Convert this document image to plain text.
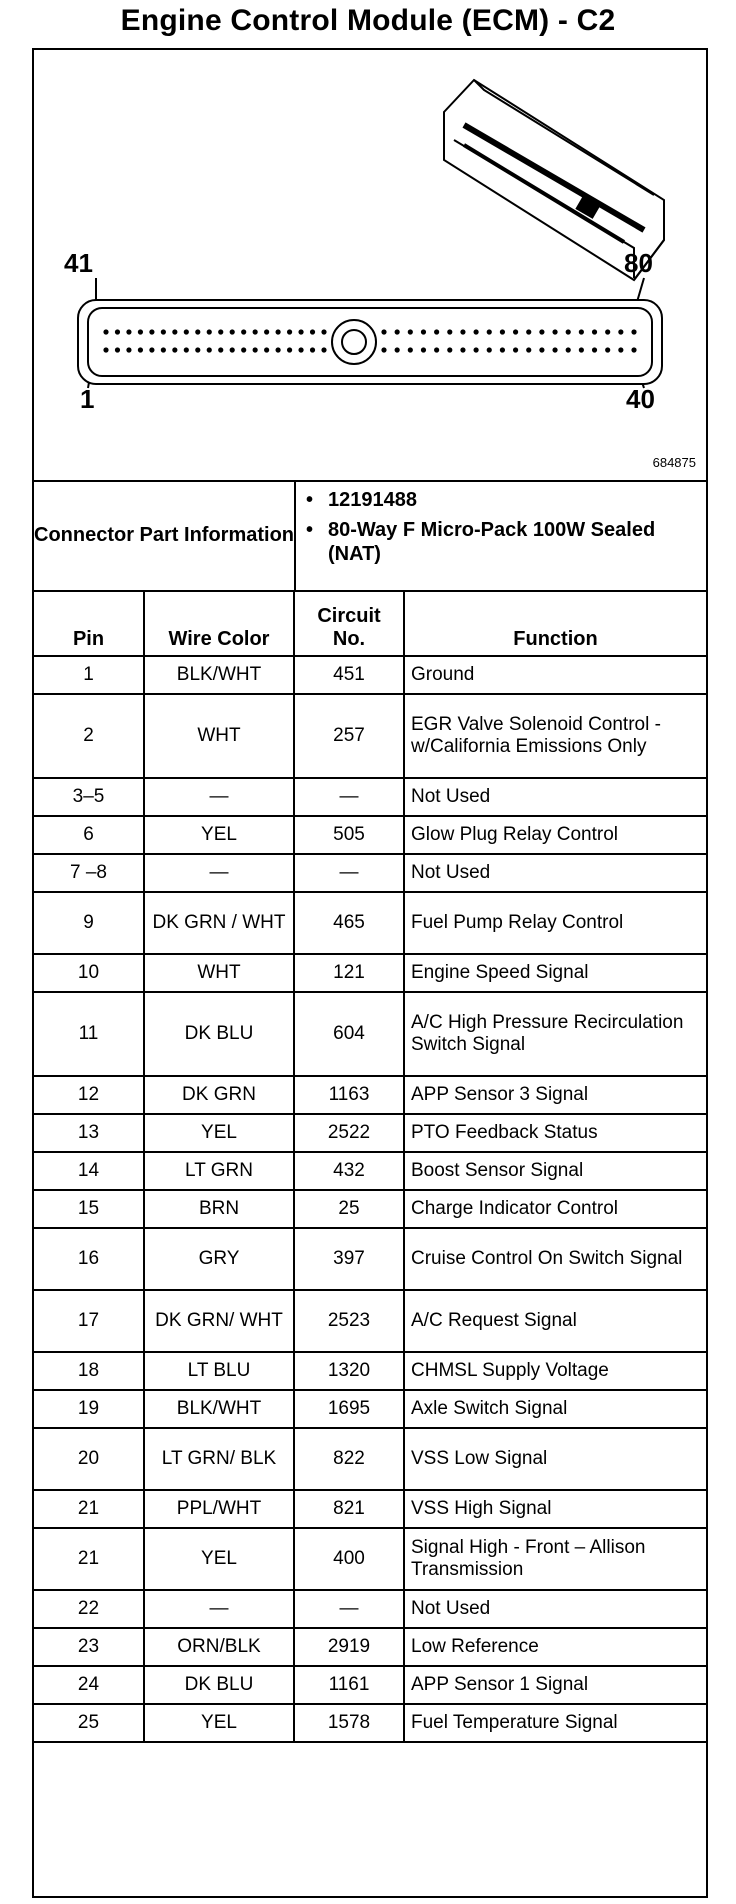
Engine Control Module (ECM) - C2
41	80
1	40
684875
Connector Part Information
• 12191488
• 80-Way F Micro-Pack 100W Sealed (NAT)
Pin	Wire Color	Circuit No.	Function
1	BLK/WHT	451	Ground
2	WHT	257	EGR Valve Solenoid Control - w/California Emissions Only
3–5	—	—	Not Used
6	YEL	505	Glow Plug Relay Control
7 –8	—	—	Not Used
9	DK GRN / WHT	465	Fuel Pump Relay Control
10	WHT	121	Engine Speed Signal
11	DK BLU	604	A/C High Pressure Recirculation Switch Signal
12	DK GRN	1163	APP Sensor 3 Signal
13	YEL	2522	PTO Feedback Status
14	LT GRN	432	Boost Sensor Signal
15	BRN	25	Charge Indicator Control
16	GRY	397	Cruise Control On Switch Signal
17	DK GRN/ WHT	2523	A/C Request Signal
18	LT BLU	1320	CHMSL Supply Voltage
19	BLK/WHT	1695	Axle Switch Signal
20	LT GRN/ BLK	822	VSS Low Signal
21	PPL/WHT	821	VSS High Signal
21	YEL	400	Signal High - Front – Allison Transmission
22	—	—	Not Used
23	ORN/BLK	2919	Low Reference
24	DK BLU	1161	APP Sensor 1 Signal
25	YEL	1578	Fuel Temperature Signal
